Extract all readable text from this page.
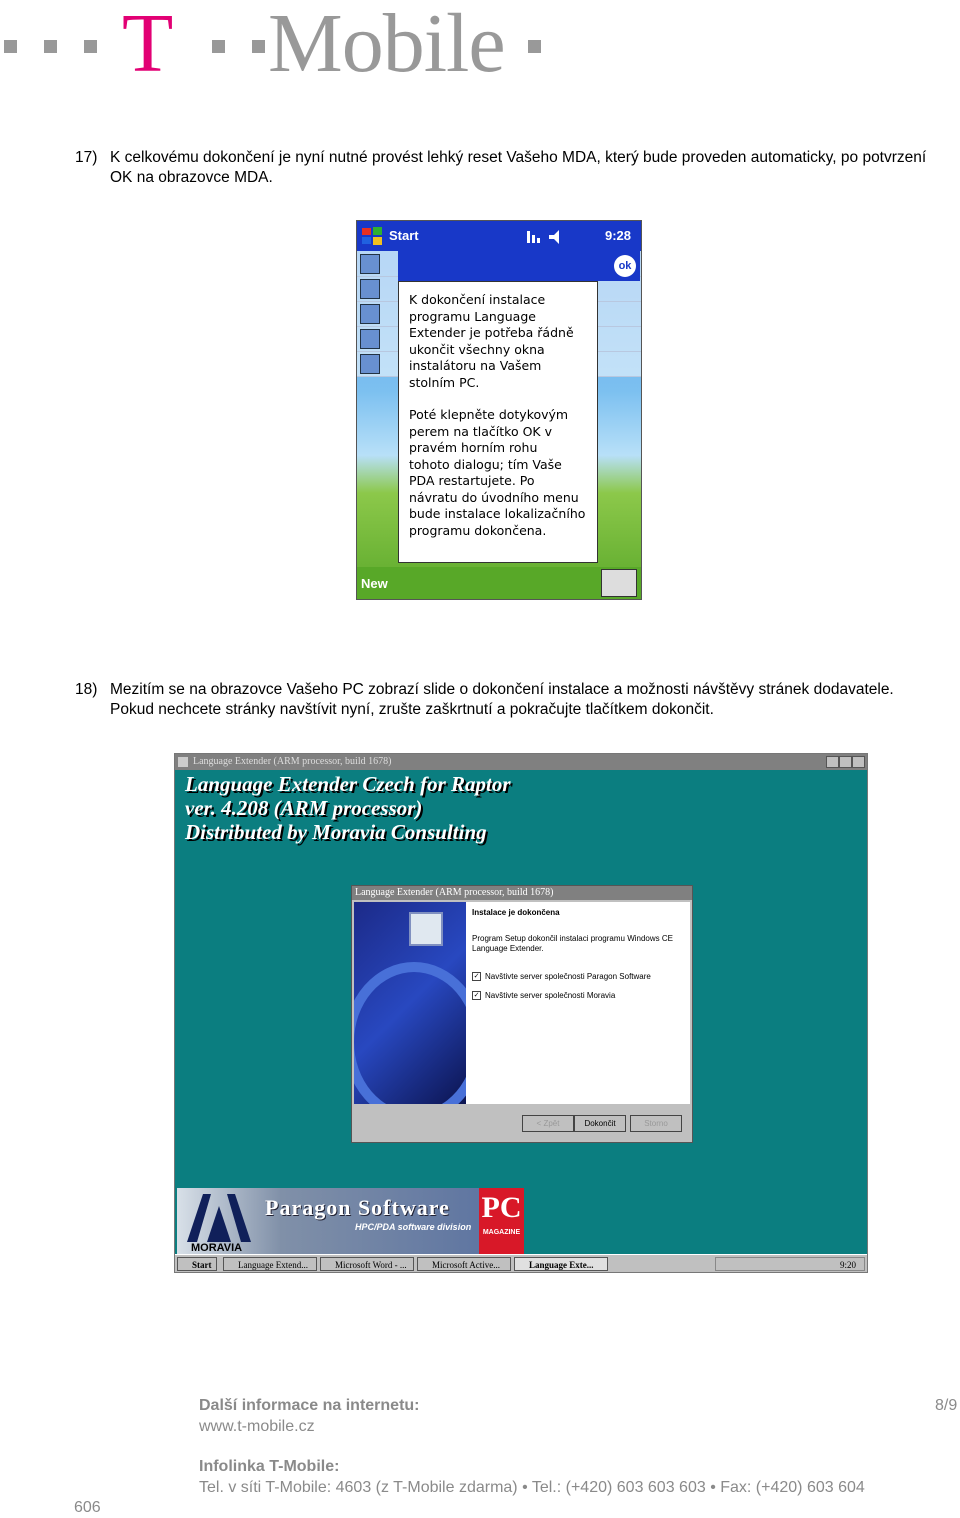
T Mobile
17) K celkovému dokončení je nyní nutné provést lehký reset Vašeho MDA, který bude proveden automaticky, po potvrzení OK na obrazovce MDA.
Start	9:28
ok

K dokončení instalace
programu Language
Extender je potřeba řádně
ukončit všechny okna
instalátoru na Vašem
stolním PC.

Poté klepněte dotykovým
perem na tlačítko OK v
pravém horním rohu
tohoto dialogu; tím Vaše
PDA restartujete. Po
návratu do úvodního menu
bude instalace lokalizačního
programu dokončena.

New
18) Mezitím se na obrazovce Vašeho PC zobrazí slide o dokončení instalace a možnosti návštěvy stránek dodavatele. Pokud nechcete stránky navštívit nyní, zrušte zaškrtnutí a pokračujte tlačítkem dokončit.
Language Extender (ARM processor, build 1678)
Language Extender Czech for Raptor
ver. 4.208 (ARM processor)
Distributed by Moravia Consulting
Language Extender (ARM processor, build 1678)
Instalace je dokončena
Program Setup dokončil instalaci programu Windows CE Language Extender.
✓ Navštivte server společnosti Paragon Software
✓ Navštivte server společnosti Moravia
< Zpět	Dokončit	Storno
MORAVIA
Paragon Software
HPC/PDA software division
PC
MAGAZINE
Start	Language Extend...	Microsoft Word - ...	Microsoft Active...	Language Exte...	9:20
Další informace na internetu:	8/9
www.t-mobile.cz
Infolinka T-Mobile:
Tel. v síti T-Mobile: 4603 (z T-Mobile zdarma) • Tel.: (+420) 603 603 603 • Fax: (+420) 603 604
606
